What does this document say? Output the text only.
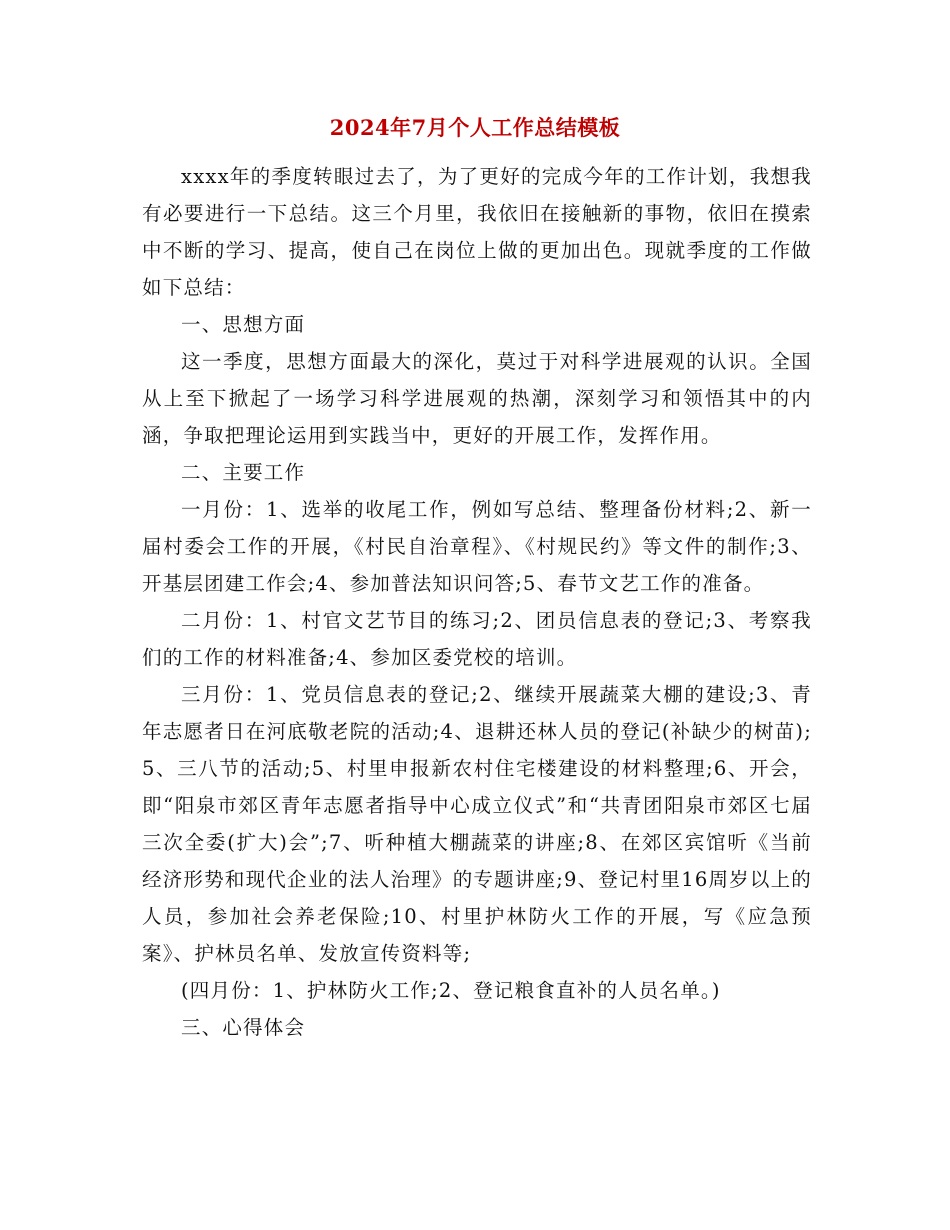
2024年7月个人工作总结模板

xxxx年的季度转眼过去了，为了更好的完成今年的工作计划，我想我有必要进行一下总结。这三个月里，我依旧在接触新的事物，依旧在摸索中不断的学习、提高，使自己在岗位上做的更加出色。现就季度的工作做如下总结：

一、思想方面

这一季度，思想方面最大的深化，莫过于对科学进展观的认识。全国从上至下掀起了一场学习科学进展观的热潮，深刻学习和领悟其中的内涵，争取把理论运用到实践当中，更好的开展工作，发挥作用。

二、主要工作

一月份：1、选举的收尾工作，例如写总结、整理备份材料;2、新一届村委会工作的开展，《村民自治章程》、《村规民约》等文件的制作;3、开基层团建工作会;4、参加普法知识问答;5、春节文艺工作的准备。

二月份：1、村官文艺节目的练习;2、团员信息表的登记;3、考察我们的工作的材料准备;4、参加区委党校的培训。

三月份：1、党员信息表的登记;2、继续开展蔬菜大棚的建设;3、青年志愿者日在河底敬老院的活动;4、退耕还林人员的登记(补缺少的树苗);5、三八节的活动;5、村里申报新农村住宅楼建设的材料整理;6、开会，即“阳泉市郊区青年志愿者指导中心成立仪式”和“共青团阳泉市郊区七届三次全委(扩大)会”;7、听种植大棚蔬菜的讲座;8、在郊区宾馆听《当前经济形势和现代企业的法人治理》的专题讲座;9、登记村里16周岁以上的人员，参加社会养老保险;10、村里护林防火工作的开展，写《应急预案》、护林员名单、发放宣传资料等;

(四月份：1、护林防火工作;2、登记粮食直补的人员名单。)

三、心得体会
